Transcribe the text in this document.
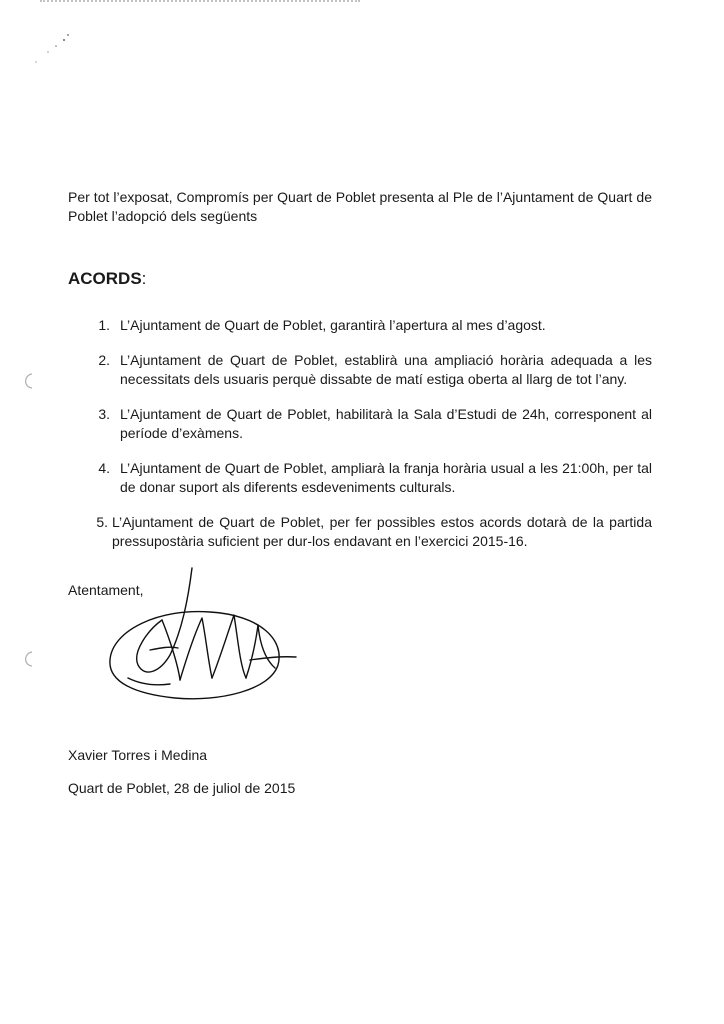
Per tot l’exposat, Compromís per Quart de Poblet presenta al Ple de l’Ajuntament de Quart de Poblet l’adopció dels següents

ACORDS:
1. L’Ajuntament de Quart de Poblet, garantirà l’apertura al mes d’agost.
2. L’Ajuntament de Quart de Poblet, establirà una ampliació horària adequada a les necessitats dels usuaris perquè dissabte de matí estiga oberta al llarg de tot l’any.
3. L’Ajuntament de Quart de Poblet, habilitarà la Sala d’Estudi de 24h, corresponent al període d’exàmens.
4. L’Ajuntament de Quart de Poblet, ampliarà la franja horària usual a les 21:00h, per tal de donar suport als diferents esdeveniments culturals.
5. L’Ajuntament de Quart de Poblet, per fer possibles estos acords dotarà de la partida pressupostària suficient per dur-los endavant en l’exercici 2015-16.
Atentament,
Xavier Torres i Medina
Quart de Poblet, 28 de juliol de 2015
